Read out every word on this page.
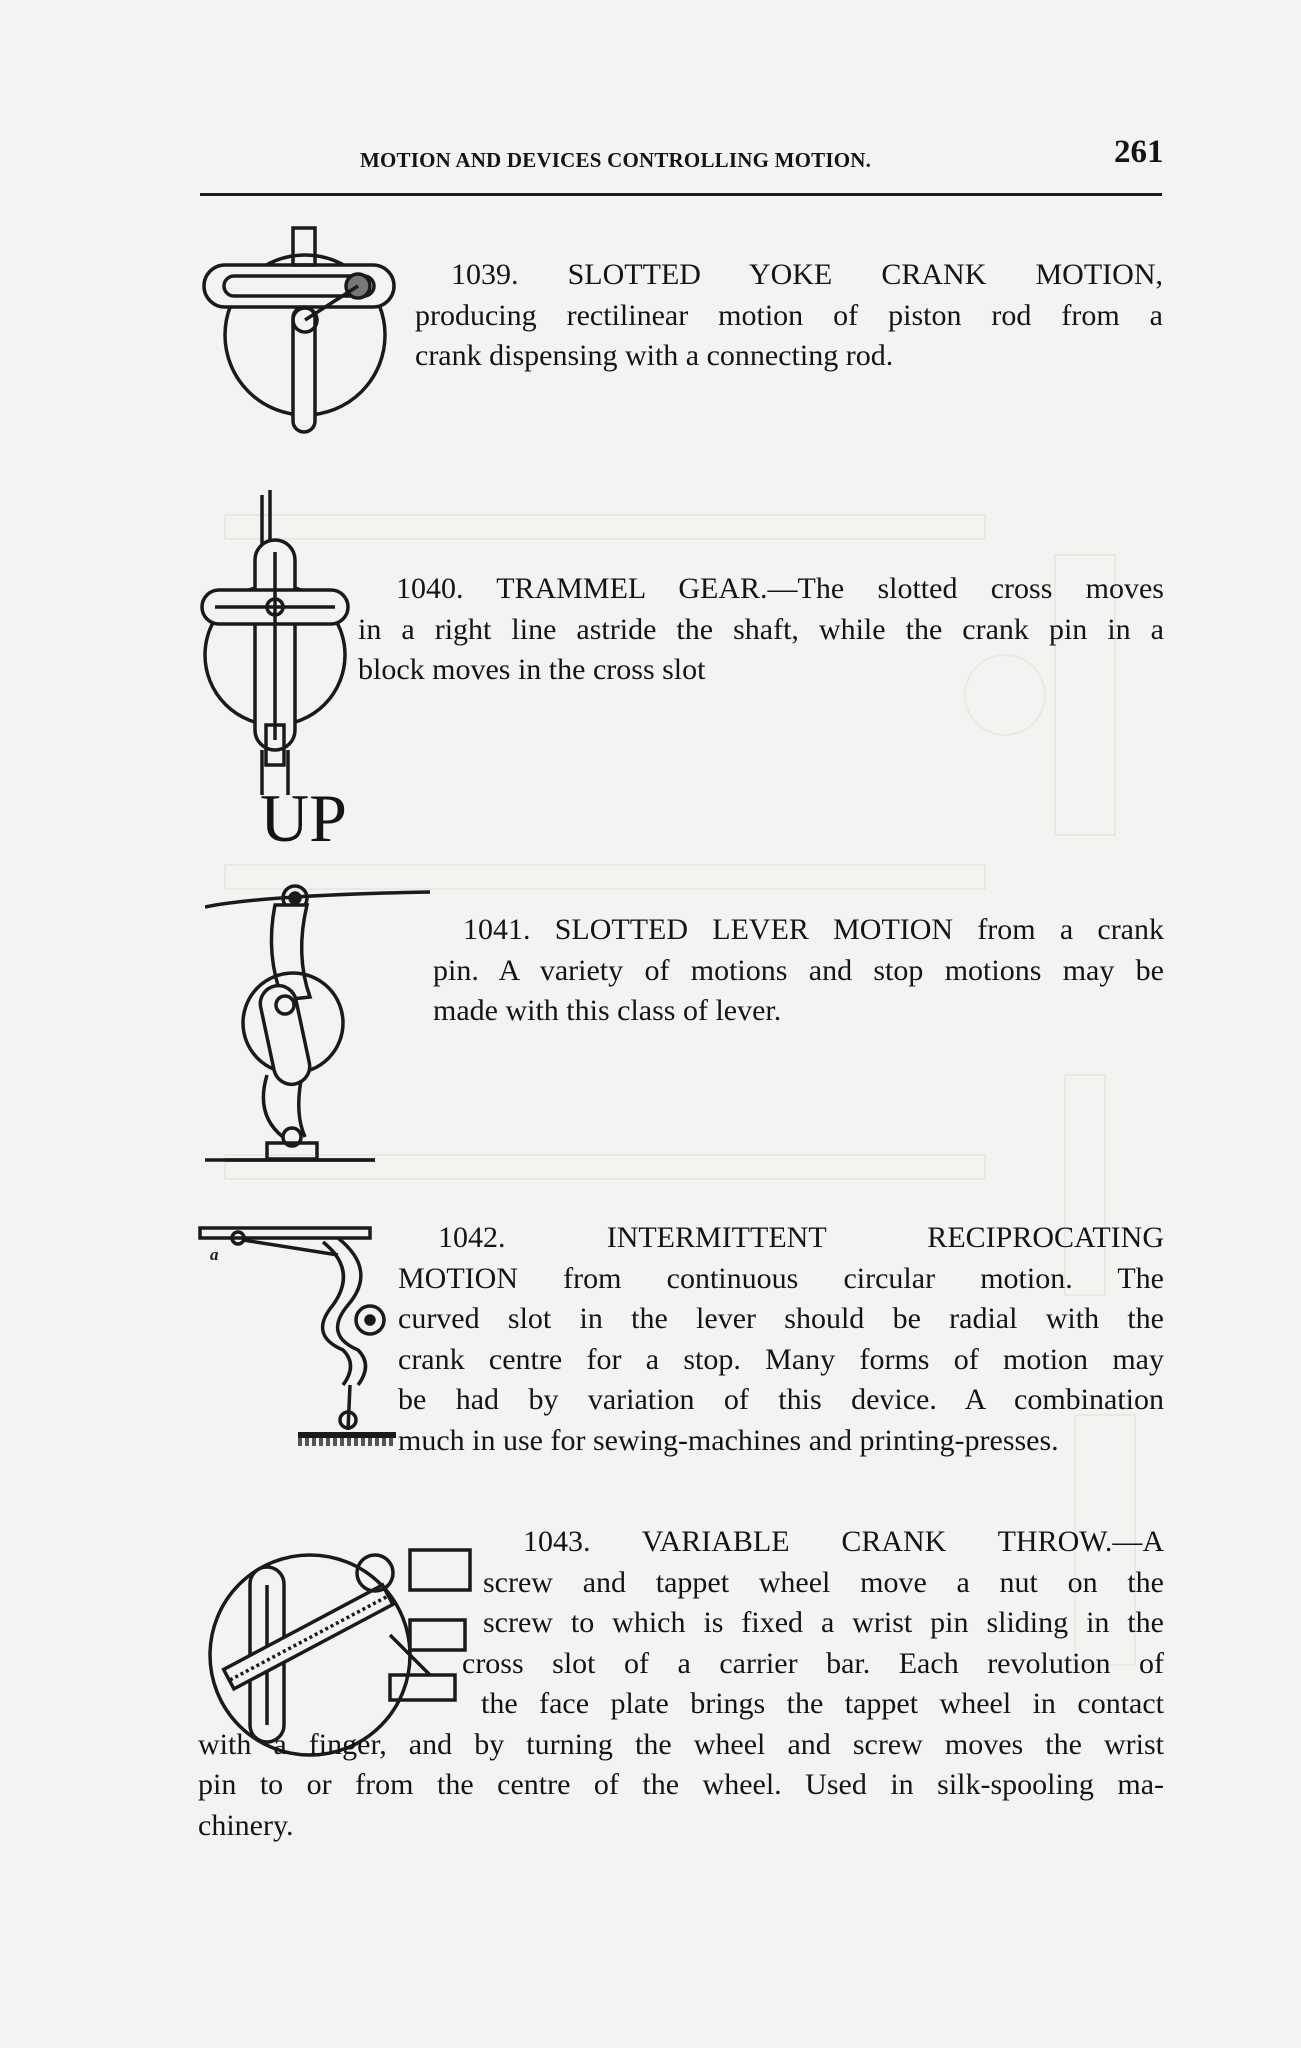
MOTION AND DEVICES CONTROLLING MOTION.	261

1039. SLOTTED YOKE CRANK MOTION,

producing rectilinear motion of piston rod from a

crank dispensing with a connecting rod.

1040. TRAMMEL GEAR.—The slotted cross moves

in a right line astride the shaft, while the crank pin in a

block moves in the cross slot

UP

1041. SLOTTED LEVER MOTION from a crank

pin. A variety of motions and stop motions may be

made with this class of lever.

a

1042. INTERMITTENT RECIPROCATING

MOTION from continuous circular motion. The

curved slot in the lever should be radial with the

crank centre for a stop. Many forms of motion may

be had by variation of this device. A combination

much in use for sewing-machines and printing-presses.

1043. VARIABLE CRANK THROW.—A

screw and tappet wheel move a nut on the

screw to which is fixed a wrist pin sliding in the

cross slot of a carrier bar. Each revolution of

the face plate brings the tappet wheel in contact

with a finger, and by turning the wheel and screw moves the wrist

pin to or from the centre of the wheel. Used in silk-spooling ma-

chinery.
